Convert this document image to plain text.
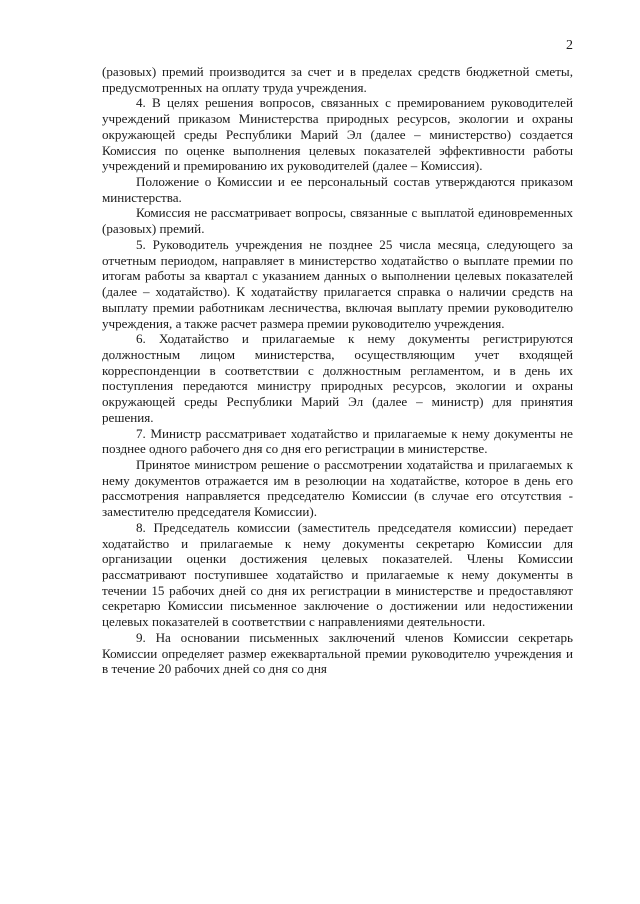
2

(разовых) премий производится за счет и в пределах средств бюджетной сметы, предусмотренных на оплату труда учреждения.

4. В целях решения вопросов, связанных с премированием руководителей учреждений приказом Министерства природных ресурсов, экологии и охраны окружающей среды Республики Марий Эл (далее – министерство) создается Комиссия по оценке выполнения целевых показателей эффективности работы учреждений и премированию их руководителей (далее – Комиссия).

Положение о Комиссии и ее персональный состав утверждаются приказом министерства.

Комиссия не рассматривает вопросы, связанные с выплатой единовременных (разовых) премий.

5. Руководитель учреждения не позднее 25 числа месяца, следующего за отчетным периодом, направляет в министерство ходатайство о выплате премии по итогам работы за квартал с указанием данных о выполнении целевых показателей (далее – ходатайство). К ходатайству прилагается справка о наличии средств на выплату премии работникам лесничества, включая выплату премии руководителю учреждения, а также расчет размера премии руководителю учреждения.

6. Ходатайство и прилагаемые к нему документы регистрируются должностным лицом министерства, осуществляющим учет входящей корреспонденции в соответствии с должностным регламентом, и в день их поступления передаются министру природных ресурсов, экологии и охраны окружающей среды Республики Марий Эл (далее – министр) для принятия решения.

7. Министр рассматривает ходатайство и прилагаемые к нему документы не позднее одного рабочего дня со дня его регистрации в министерстве.

Принятое министром решение о рассмотрении ходатайства и прилагаемых к нему документов отражается им в резолюции на ходатайстве, которое в день его рассмотрения направляется председателю Комиссии (в случае его отсутствия - заместителю председателя Комиссии).

8. Председатель комиссии (заместитель председателя комиссии) передает ходатайство и прилагаемые к нему документы секретарю Комиссии для организации оценки достижения целевых показателей. Члены Комиссии рассматривают поступившее ходатайство и прилагаемые к нему документы в течении 15 рабочих дней со дня их регистрации в министерстве и предоставляют секретарю Комиссии письменное заключение о достижении или недостижении целевых показателей в соответствии с направлениями деятельности.

9. На основании письменных заключений членов Комиссии секретарь Комиссии определяет размер ежеквартальной премии руководителю учреждения и в течение 20 рабочих дней со дня со дня
